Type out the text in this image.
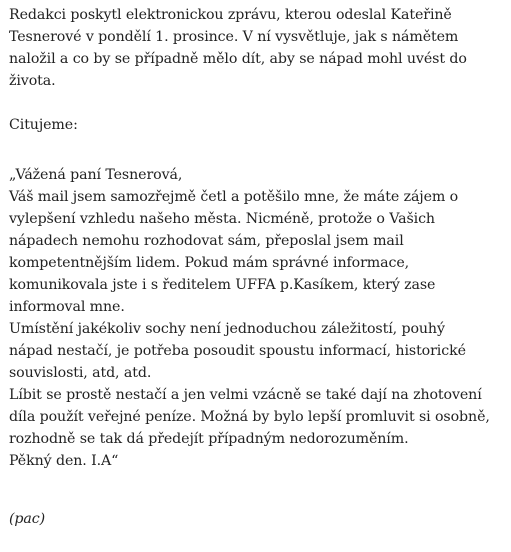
Redakci poskytl elektronickou zprávu, kterou odeslal Kateřině

Tesnerové v pondělí 1. prosince. V ní vysvětluje, jak s námětem

naložil a co by se případně mělo dít, aby se nápad mohl uvést do

života.

Citujeme:

„Vážená paní Tesnerová,

Váš mail jsem samozřejmě četl a potěšilo mne, že máte zájem o

vylepšení vzhledu našeho města. Nicméně, protože o Vašich

nápadech nemohu rozhodovat sám, přeposlal jsem mail

kompetentnějším lidem. Pokud mám správné informace,

komunikovala jste i s ředitelem UFFA p.Kasíkem, který zase

informoval mne.

Umístění jakékoliv sochy není jednoduchou záležitostí, pouhý

nápad nestačí, je potřeba posoudit spoustu informací, historické

souvislosti, atd, atd.

Líbit se prostě nestačí a jen velmi vzácně se také dají na zhotovení

díla použít veřejné peníze. Možná by bylo lepší promluvit si osobně,

rozhodně se tak dá předejít případným nedorozuměním.

Pěkný den. I.A“

(pac)
